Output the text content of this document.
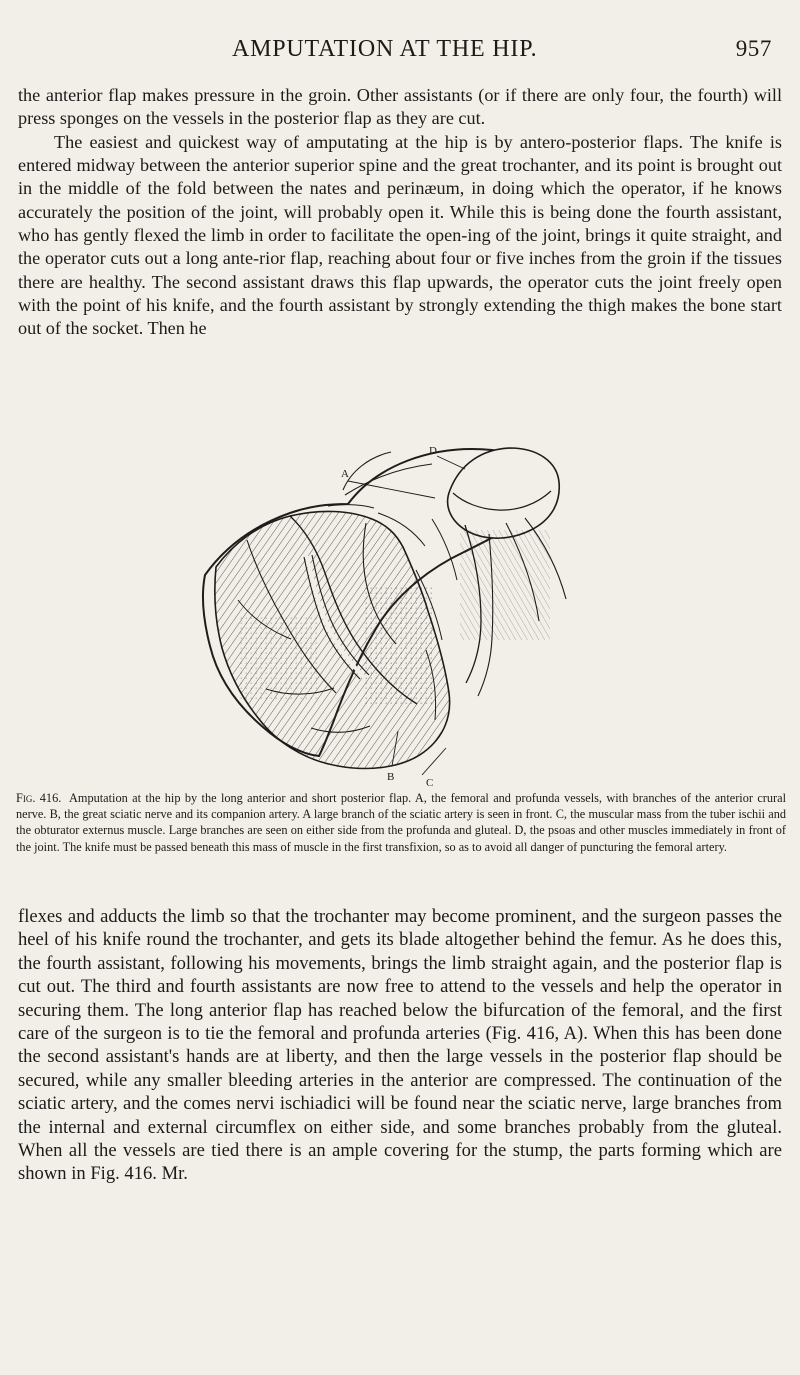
AMPUTATION AT THE HIP.	957

the anterior flap makes pressure in the groin. Other assistants (or if there are only four, the fourth) will press sponges on the vessels in the posterior flap as they are cut.

The easiest and quickest way of amputating at the hip is by antero-posterior flaps. The knife is entered midway between the anterior superior spine and the great trochanter, and its point is brought out in the middle of the fold between the nates and perinæum, in doing which the operator, if he knows accurately the position of the joint, will probably open it. While this is being done the fourth assistant, who has gently flexed the limb in order to facilitate the open-ing of the joint, brings it quite straight, and the operator cuts out a long ante-rior flap, reaching about four or five inches from the groin if the tissues there are healthy. The second assistant draws this flap upwards, the operator cuts the joint freely open with the point of his knife, and the fourth assistant by strongly extending the thigh makes the bone start out of the socket. Then he

A
D
B	C
Fig. 416. Amputation at the hip by the long anterior and short posterior flap. A, the femoral and profunda vessels, with branches of the anterior crural nerve. B, the great sciatic nerve and its companion artery. A large branch of the sciatic artery is seen in front. C, the muscular mass from the tuber ischii and the obturator externus muscle. Large branches are seen on either side from the profunda and gluteal. D, the psoas and other muscles immediately in front of the joint. The knife must be passed beneath this mass of muscle in the first transfixion, so as to avoid all danger of puncturing the femoral artery.

flexes and adducts the limb so that the trochanter may become prominent, and the surgeon passes the heel of his knife round the trochanter, and gets its blade altogether behind the femur. As he does this, the fourth assistant, following his movements, brings the limb straight again, and the posterior flap is cut out. The third and fourth assistants are now free to attend to the vessels and help the operator in securing them. The long anterior flap has reached below the bifurcation of the femoral, and the first care of the surgeon is to tie the femoral and profunda arteries (Fig. 416, A). When this has been done the second assistant's hands are at liberty, and then the large vessels in the posterior flap should be secured, while any smaller bleeding arteries in the anterior are compressed. The continuation of the sciatic artery, and the comes nervi ischiadici will be found near the sciatic nerve, large branches from the internal and external circumflex on either side, and some branches probably from the gluteal. When all the vessels are tied there is an ample covering for the stump, the parts forming which are shown in Fig. 416. Mr.
